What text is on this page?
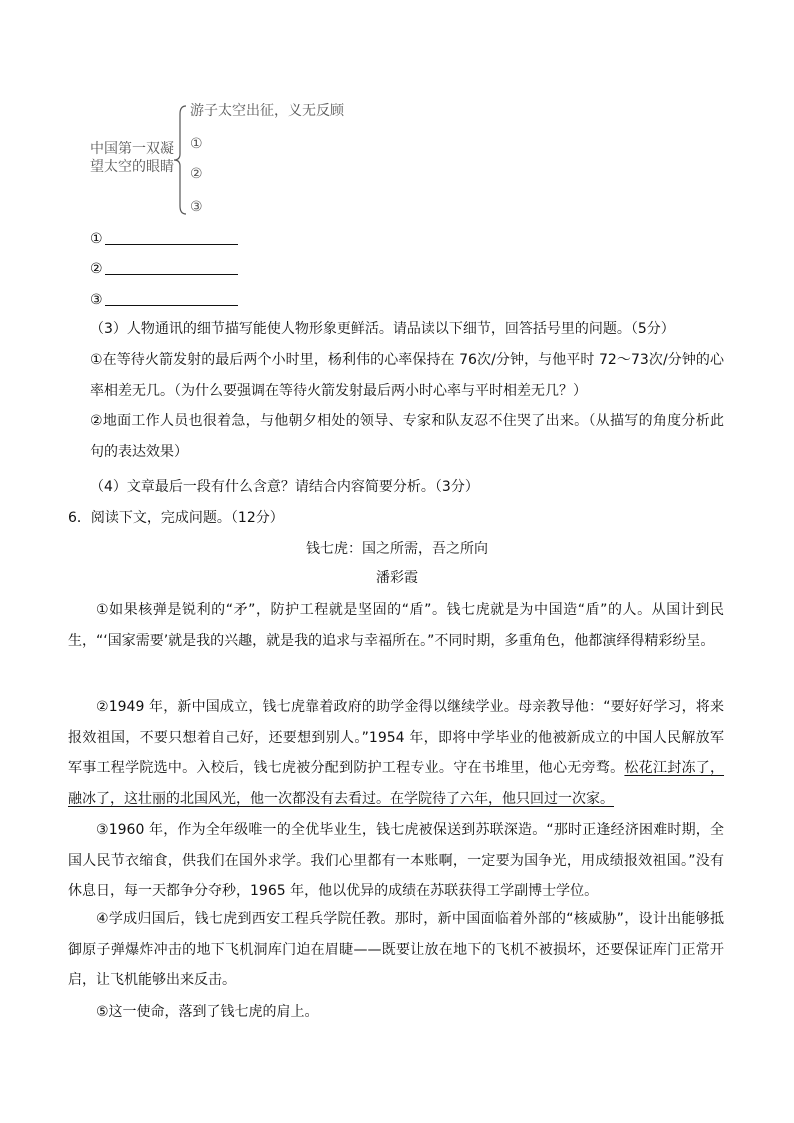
中国第一双凝
望太空的眼睛
游子太空出征，义无反顾
①
②
③
①
②
③
（3）人物通讯的细节描写能使人物形象更鲜活。请品读以下细节，回答括号里的问题。（5分）
①在等待火箭发射的最后两个小时里，杨利伟的心率保持在 76次/分钟，与他平时 72～73次/分钟的心率相差无几。（为什么要强调在等待火箭发射最后两小时心率与平时相差无几？）
②地面工作人员也很着急，与他朝夕相处的领导、专家和队友忍不住哭了出来。（从描写的角度分析此句的表达效果）
（4）文章最后一段有什么含意？请结合内容简要分析。（3分）
6．阅读下文，完成问题。（12分）
钱七虎：国之所需，吾之所向
潘彩霞
①如果核弹是锐利的“矛”，防护工程就是坚固的“盾”。钱七虎就是为中国造“盾”的人。从国计到民生，“‘国家需要’就是我的兴趣，就是我的追求与幸福所在。”不同时期，多重角色，他都演绎得精彩纷呈。
②1949 年，新中国成立，钱七虎靠着政府的助学金得以继续学业。母亲教导他：“要好好学习，将来报效祖国，不要只想着自己好，还要想到别人。”1954 年，即将中学毕业的他被新成立的中国人民解放军军事工程学院选中。入校后，钱七虎被分配到防护工程专业。守在书堆里，他心无旁骛。松花江封冻了，融冰了，这壮丽的北国风光，他一次都没有去看过。在学院待了六年，他只回过一次家。
③1960 年，作为全年级唯一的全优毕业生，钱七虎被保送到苏联深造。“那时正逢经济困难时期，全国人民节衣缩食，供我们在国外求学。我们心里都有一本账啊，一定要为国争光，用成绩报效祖国。”没有休息日，每一天都争分夺秒，1965 年，他以优异的成绩在苏联获得工学副博士学位。
④学成归国后，钱七虎到西安工程兵学院任教。那时，新中国面临着外部的“核威胁”，设计出能够抵御原子弹爆炸冲击的地下飞机洞库门迫在眉睫——既要让放在地下的飞机不被损坏，还要保证库门正常开启，让飞机能够出来反击。
⑤这一使命，落到了钱七虎的肩上。
